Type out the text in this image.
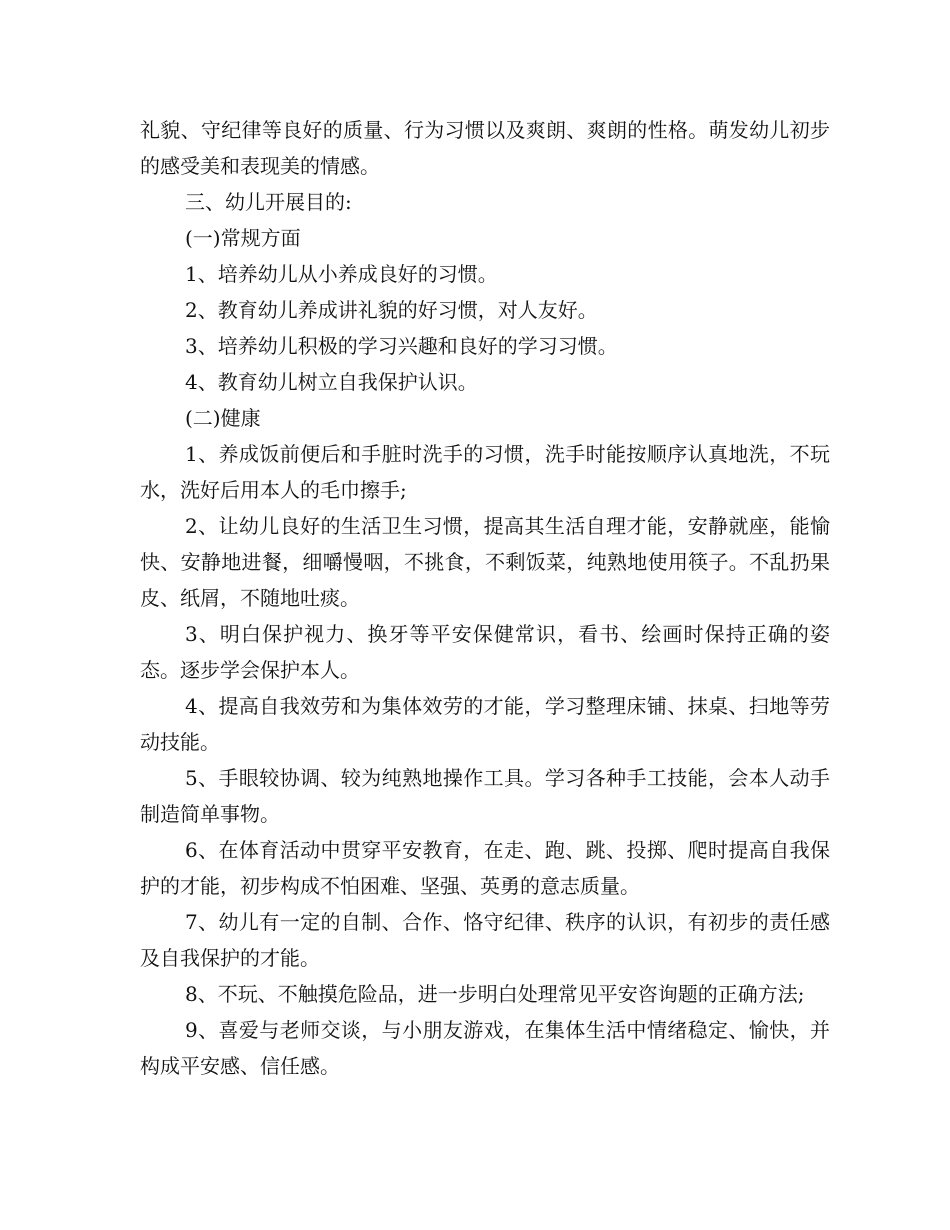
礼貌、守纪律等良好的质量、行为习惯以及爽朗、爽朗的性格。萌发幼儿初步的感受美和表现美的情感。

三、幼儿开展目的:

(一)常规方面

1、培养幼儿从小养成良好的习惯。

2、教育幼儿养成讲礼貌的好习惯，对人友好。

3、培养幼儿积极的学习兴趣和良好的学习习惯。

4、教育幼儿树立自我保护认识。

(二)健康

1、养成饭前便后和手脏时洗手的习惯，洗手时能按顺序认真地洗，不玩水，洗好后用本人的毛巾擦手;

2、让幼儿良好的生活卫生习惯，提高其生活自理才能，安静就座，能愉快、安静地进餐，细嚼慢咽，不挑食，不剩饭菜，纯熟地使用筷子。不乱扔果皮、纸屑，不随地吐痰。

3、明白保护视力、换牙等平安保健常识，看书、绘画时保持正确的姿态。逐步学会保护本人。

4、提高自我效劳和为集体效劳的才能，学习整理床铺、抹桌、扫地等劳动技能。

5、手眼较协调、较为纯熟地操作工具。学习各种手工技能，会本人动手制造简单事物。

6、在体育活动中贯穿平安教育，在走、跑、跳、投掷、爬时提高自我保护的才能，初步构成不怕困难、坚强、英勇的意志质量。

7、幼儿有一定的自制、合作、恪守纪律、秩序的认识，有初步的责任感及自我保护的才能。

8、不玩、不触摸危险品，进一步明白处理常见平安咨询题的正确方法;

9、喜爱与老师交谈，与小朋友游戏，在集体生活中情绪稳定、愉快，并构成平安感、信任感。
